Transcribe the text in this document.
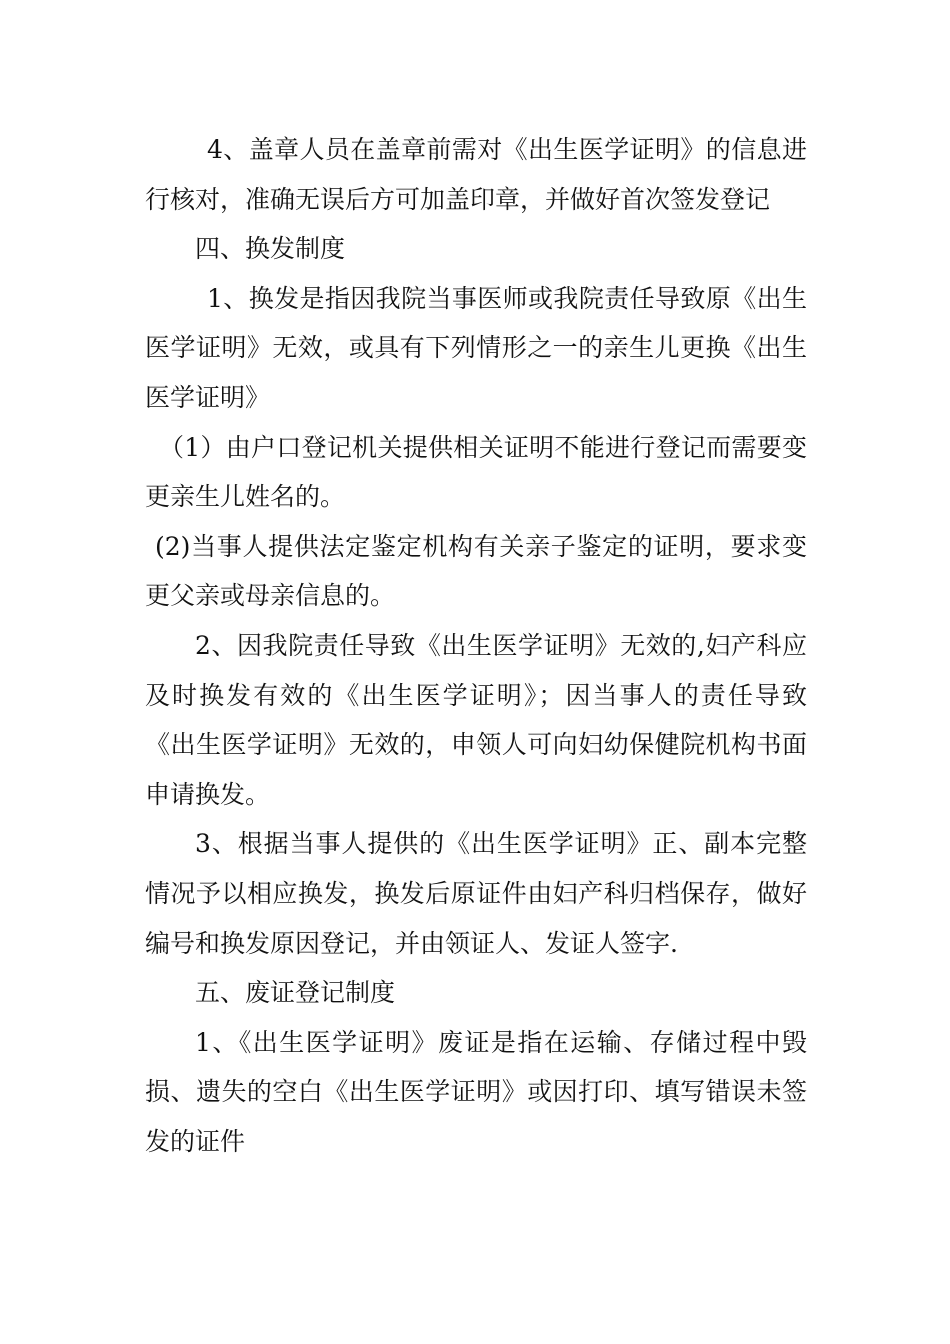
4、盖章人员在盖章前需对《出生医学证明》的信息进行核对，准确无误后方可加盖印章，并做好首次签发登记

四、换发制度

1、换发是指因我院当事医师或我院责任导致原《出生医学证明》无效，或具有下列情形之一的亲生儿更换《出生医学证明》

（1）由户口登记机关提供相关证明不能进行登记而需要变更亲生儿姓名的。

(2)当事人提供法定鉴定机构有关亲子鉴定的证明，要求变更父亲或母亲信息的。

2、因我院责任导致《出生医学证明》无效的,妇产科应及时换发有效的《出生医学证明》；因当事人的责任导致《出生医学证明》无效的，申领人可向妇幼保健院机构书面申请换发。

3、根据当事人提供的《出生医学证明》正、副本完整情况予以相应换发，换发后原证件由妇产科归档保存，做好编号和换发原因登记，并由领证人、发证人签字.

五、废证登记制度

1、《出生医学证明》废证是指在运输、存储过程中毁损、遗失的空白《出生医学证明》或因打印、填写错误未签发的证件
